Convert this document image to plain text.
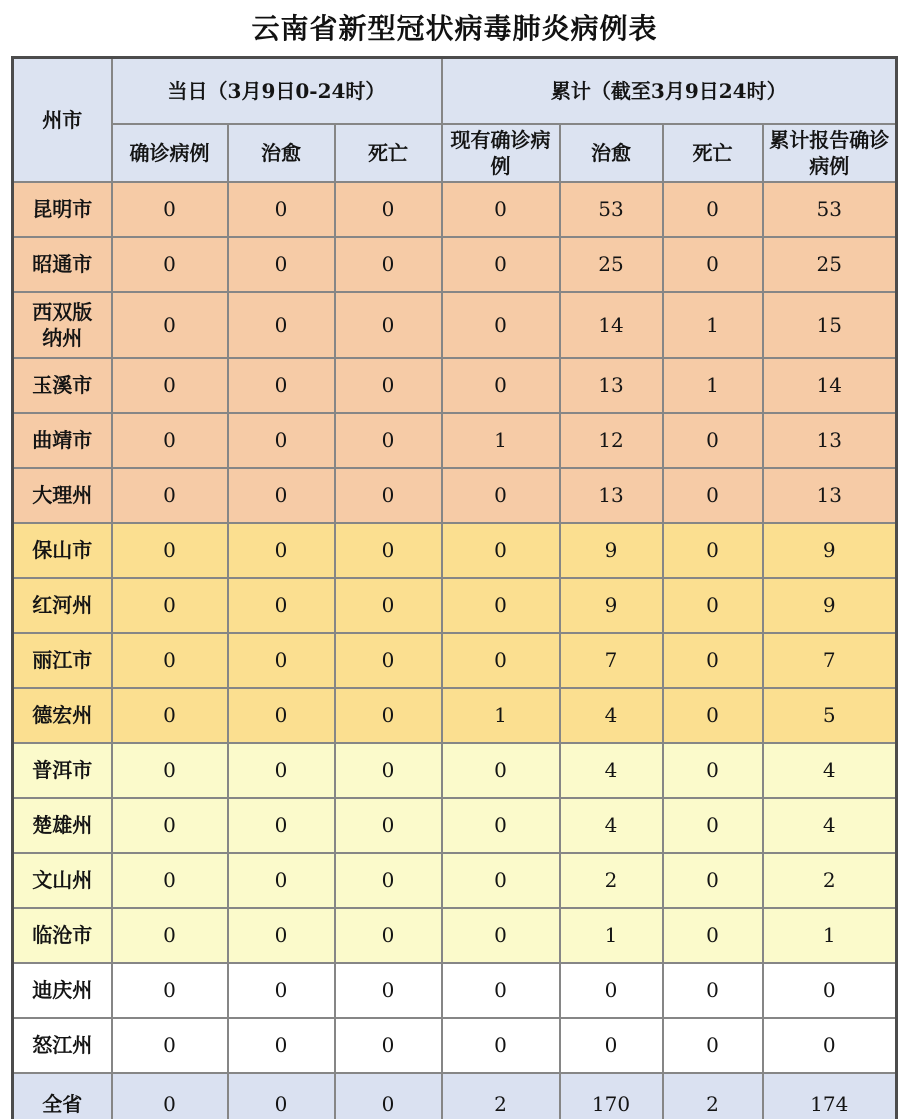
云南省新型冠状病毒肺炎病例表
州市	当日（3月9日0-24时）			累计（截至3月9日24时）			
	确诊病例	治愈	死亡	现有确诊病例	治愈	死亡	累计报告确诊病例
昆明市	0	0	0	0	53	0	53
昭通市	0	0	0	0	25	0	25
西双版纳州	0	0	0	0	14	1	15
玉溪市	0	0	0	0	13	1	14
曲靖市	0	0	0	1	12	0	13
大理州	0	0	0	0	13	0	13
保山市	0	0	0	0	9	0	9
红河州	0	0	0	0	9	0	9
丽江市	0	0	0	0	7	0	7
德宏州	0	0	0	1	4	0	5
普洱市	0	0	0	0	4	0	4
楚雄州	0	0	0	0	4	0	4
文山州	0	0	0	0	2	0	2
临沧市	0	0	0	0	1	0	1
迪庆州	0	0	0	0	0	0	0
怒江州	0	0	0	0	0	0	0
全省	0	0	0	2	170	2	174
